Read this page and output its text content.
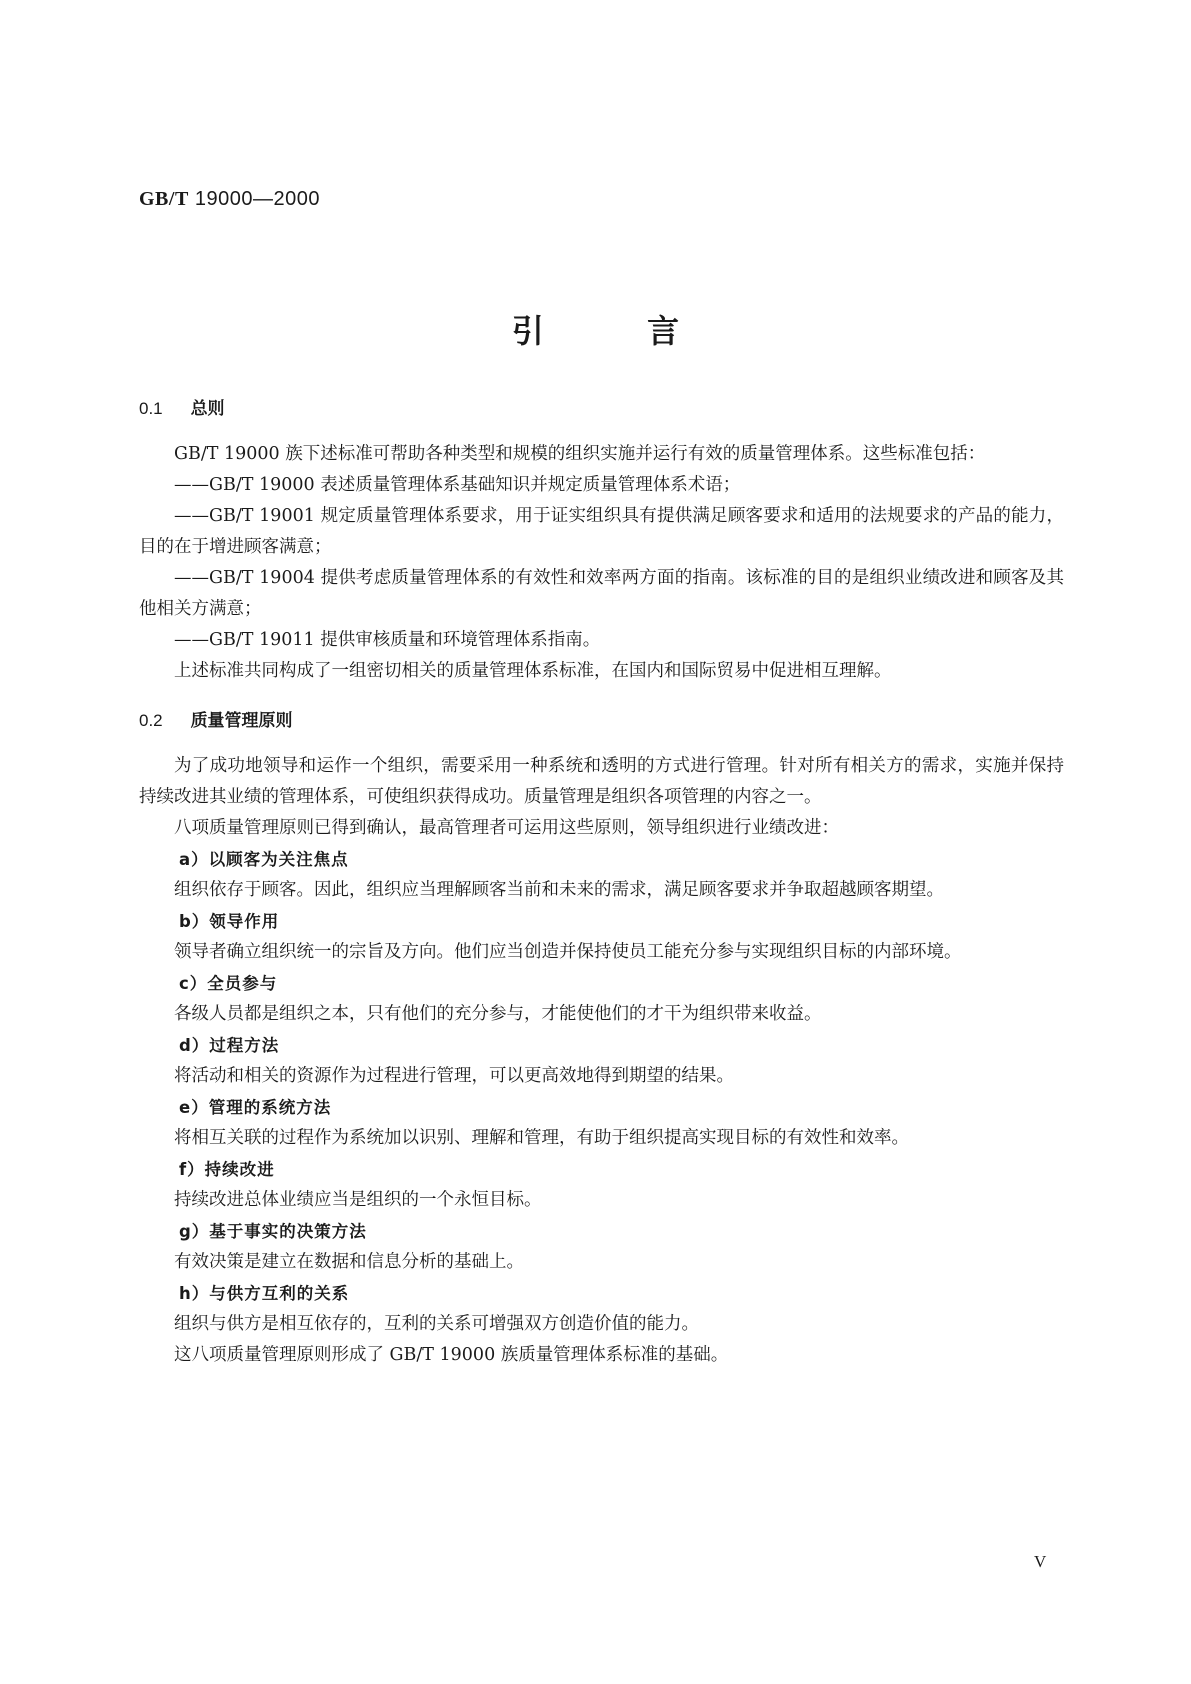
GB/T 19000—2000
引	言
0.1 总则

GB/T 19000 族下述标准可帮助各种类型和规模的组织实施并运行有效的质量管理体系。这些标准包括：

——GB/T 19000 表述质量管理体系基础知识并规定质量管理体系术语；

——GB/T 19001 规定质量管理体系要求，用于证实组织具有提供满足顾客要求和适用的法规要求的产品的能力，目的在于增进顾客满意；

——GB/T 19004 提供考虑质量管理体系的有效性和效率两方面的指南。该标准的目的是组织业绩改进和顾客及其他相关方满意；

——GB/T 19011 提供审核质量和环境管理体系指南。

上述标准共同构成了一组密切相关的质量管理体系标准，在国内和国际贸易中促进相互理解。

0.2 质量管理原则

为了成功地领导和运作一个组织，需要采用一种系统和透明的方式进行管理。针对所有相关方的需求，实施并保持持续改进其业绩的管理体系，可使组织获得成功。质量管理是组织各项管理的内容之一。

八项质量管理原则已得到确认，最高管理者可运用这些原则，领导组织进行业绩改进：

a）以顾客为关注焦点

组织依存于顾客。因此，组织应当理解顾客当前和未来的需求，满足顾客要求并争取超越顾客期望。

b）领导作用

领导者确立组织统一的宗旨及方向。他们应当创造并保持使员工能充分参与实现组织目标的内部环境。

c）全员参与

各级人员都是组织之本，只有他们的充分参与，才能使他们的才干为组织带来收益。

d）过程方法

将活动和相关的资源作为过程进行管理，可以更高效地得到期望的结果。

e）管理的系统方法

将相互关联的过程作为系统加以识别、理解和管理，有助于组织提高实现目标的有效性和效率。

f）持续改进

持续改进总体业绩应当是组织的一个永恒目标。

g）基于事实的决策方法

有效决策是建立在数据和信息分析的基础上。

h）与供方互利的关系

组织与供方是相互依存的，互利的关系可增强双方创造价值的能力。

这八项质量管理原则形成了 GB/T 19000 族质量管理体系标准的基础。

V
